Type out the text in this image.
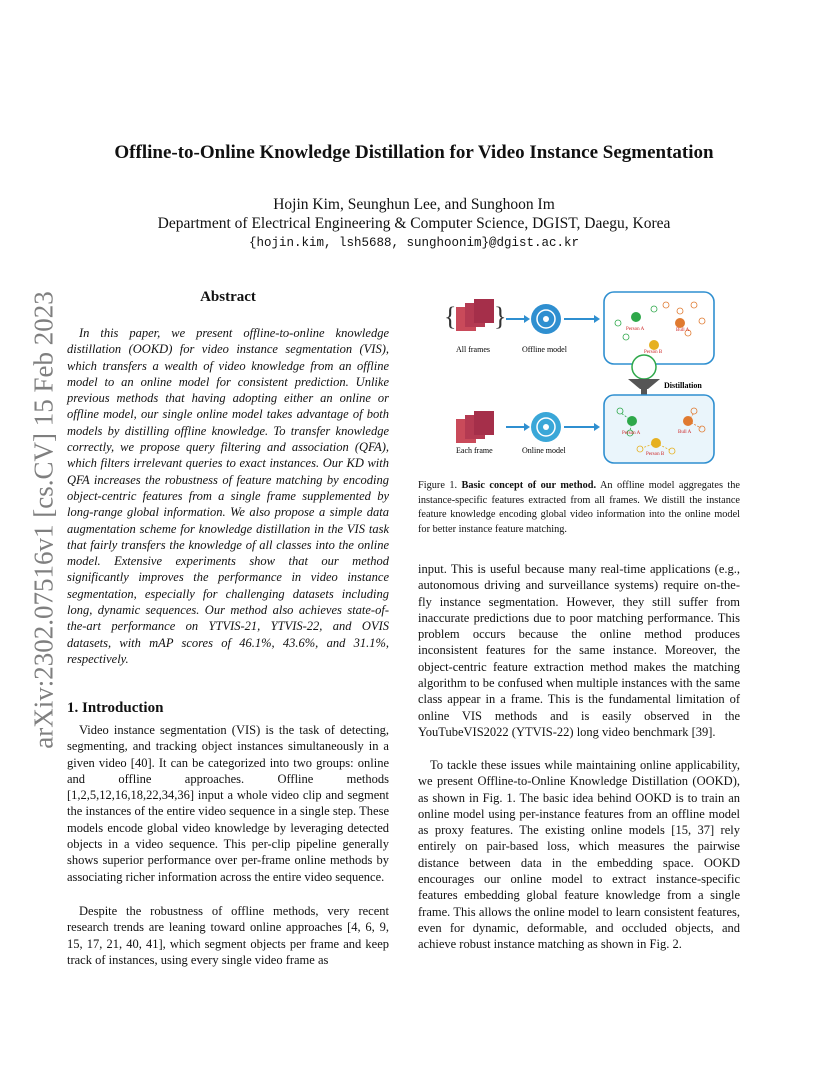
arXiv:2302.07516v1 [cs.CV] 15 Feb 2023
Offline-to-Online Knowledge Distillation for Video Instance Segmentation
Hojin Kim, Seunghun Lee, and Sunghoon Im
Department of Electrical Engineering & Computer Science, DGIST, Daegu, Korea
{hojin.kim, lsh5688, sunghoonim}@dgist.ac.kr
Abstract
In this paper, we present offline-to-online knowledge distillation (OOKD) for video instance segmentation (VIS), which transfers a wealth of video knowledge from an offline model to an online model for consistent prediction. Unlike previous methods that having adopting either an online or offline model, our single online model takes advantage of both models by distilling offline knowledge. To transfer knowledge correctly, we propose query filtering and association (QFA), which filters irrelevant queries to exact instances. Our KD with QFA increases the robustness of feature matching by encoding object-centric features from a single frame supplemented by long-range global information. We also propose a simple data augmentation scheme for knowledge distillation in the VIS task that fairly transfers the knowledge of all classes into the online model. Extensive experiments show that our method significantly improves the performance in video instance segmentation, especially for challenging datasets including long, dynamic sequences. Our method also achieves state-of-the-art performance on YTVIS-21, YTVIS-22, and OVIS datasets, with mAP scores of 46.1%, 43.6%, and 31.1%, respectively.
1. Introduction
Video instance segmentation (VIS) is the task of detecting, segmenting, and tracking object instances simultaneously in a given video [40]. It can be categorized into two groups: online and offline approaches. Offline methods [1,2,5,12,16,18,22,34,36] input a whole video clip and segment the instances of the entire video sequence in a single step. These models encode global video knowledge by leveraging detected objects in a video sequence. This per-clip pipeline generally shows superior performance over per-frame online methods by associating richer information across the entire video sequence.
Despite the robustness of offline methods, very recent research trends are leaning toward online approaches [4, 6, 9, 15, 17, 21, 40, 41], which segment objects per frame and keep track of instances, using every single video frame as
{ }
All frames	Offline model
Person A	Bull A
Person B
Distillation
Each frame	Online model
Person A	Bull A
Person B
Figure 1. Basic concept of our method. An offline model aggregates the instance-specific features extracted from all frames. We distill the instance feature knowledge encoding global video information into the online model for better instance feature matching.
input. This is useful because many real-time applications (e.g., autonomous driving and surveillance systems) require on-the-fly instance segmentation. However, they still suffer from inaccurate predictions due to poor matching performance. This problem occurs because the online method produces inconsistent features for the same instance. Moreover, the object-centric feature extraction method makes the matching algorithm to be confused when multiple instances with the same class appear in a frame. This is the fundamental limitation of online VIS methods and is easily observed in the YouTubeVIS2022 (YTVIS-22) long video benchmark [39].
To tackle these issues while maintaining online applicability, we present Offline-to-Online Knowledge Distillation (OOKD), as shown in Fig. 1. The basic idea behind OOKD is to train an online model using per-instance features from an offline model as proxy features. The existing online models [15, 37] rely entirely on pair-based loss, which measures the pairwise distance between data in the embedding space. OOKD encourages our online model to extract instance-specific features embedding global feature knowledge from a single frame. This allows the online model to learn consistent features, even for dynamic, deformable, and occluded objects, and achieve robust instance matching as shown in Fig. 2.
